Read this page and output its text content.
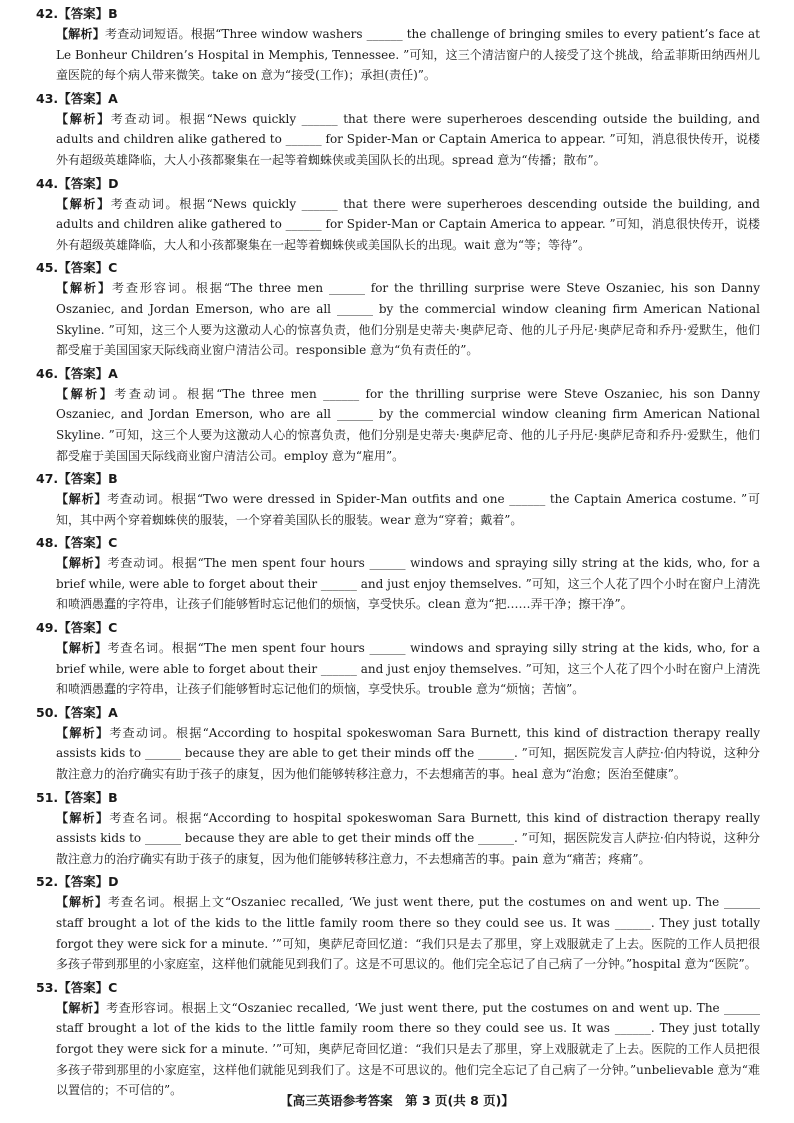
42.【答案】B
【解析】考查动词短语。根据“Three window washers ______ the challenge of bringing smiles to every patient’s face at Le Bonheur Children’s Hospital in Memphis, Tennessee. ”可知，这三个清洁窗户的人接受了这个挑战，给孟菲斯田纳西州儿童医院的每个病人带来微笑。take on 意为“接受(工作)；承担(责任)”。
43.【答案】A
【解析】考查动词。根据“News quickly ______ that there were superheroes descending outside the building, and adults and children alike gathered to ______ for Spider-Man or Captain America to appear. ”可知，消息很快传开，说楼外有超级英雄降临，大人小孩都聚集在一起等着蜘蛛侠或美国队长的出现。spread 意为“传播；散布”。
44.【答案】D
【解析】考查动词。根据“News quickly ______ that there were superheroes descending outside the building, and adults and children alike gathered to ______ for Spider-Man or Captain America to appear. ”可知，消息很快传开，说楼外有超级英雄降临，大人和小孩都聚集在一起等着蜘蛛侠或美国队长的出现。wait 意为“等；等待”。
45.【答案】C
【解析】考查形容词。根据“The three men ______ for the thrilling surprise were Steve Oszaniec, his son Danny Oszaniec, and Jordan Emerson, who are all ______ by the commercial window cleaning firm American National Skyline. ”可知，这三个人要为这激动人心的惊喜负责，他们分别是史蒂夫·奥萨尼奇、他的儿子丹尼·奥萨尼奇和乔丹·爱默生，他们都受雇于美国国家天际线商业窗户清洁公司。responsible 意为“负有责任的”。
46.【答案】A
【解析】考查动词。根据“The three men ______ for the thrilling surprise were Steve Oszaniec, his son Danny Oszaniec, and Jordan Emerson, who are all ______ by the commercial window cleaning firm American National Skyline. ”可知，这三个人要为这激动人心的惊喜负责，他们分别是史蒂夫·奥萨尼奇、他的儿子丹尼·奥萨尼奇和乔丹·爱默生，他们都受雇于美国国天际线商业窗户清洁公司。employ 意为“雇用”。
47.【答案】B
【解析】考查动词。根据“Two were dressed in Spider-Man outfits and one ______ the Captain America costume. ”可知，其中两个穿着蜘蛛侠的服装，一个穿着美国队长的服装。wear 意为“穿着；戴着”。
48.【答案】C
【解析】考查动词。根据“The men spent four hours ______ windows and spraying silly string at the kids, who, for a brief while, were able to forget about their ______ and just enjoy themselves. ”可知，这三个人花了四个小时在窗户上清洗和喷洒愚蠢的字符串，让孩子们能够暂时忘记他们的烦恼，享受快乐。clean 意为“把……弄干净；擦干净”。
49.【答案】C
【解析】考查名词。根据“The men spent four hours ______ windows and spraying silly string at the kids, who, for a brief while, were able to forget about their ______ and just enjoy themselves. ”可知，这三个人花了四个小时在窗户上清洗和喷洒愚蠢的字符串，让孩子们能够暂时忘记他们的烦恼，享受快乐。trouble 意为“烦恼；苦恼”。
50.【答案】A
【解析】考查动词。根据“According to hospital spokeswoman Sara Burnett, this kind of distraction therapy really assists kids to ______ because they are able to get their minds off the ______. ”可知，据医院发言人萨拉·伯内特说，这种分散注意力的治疗确实有助于孩子的康复，因为他们能够转移注意力，不去想痛苦的事。heal 意为“治愈；医治至健康”。
51.【答案】B
【解析】考查名词。根据“According to hospital spokeswoman Sara Burnett, this kind of distraction therapy really assists kids to ______ because they are able to get their minds off the ______. ”可知，据医院发言人萨拉·伯内特说，这种分散注意力的治疗确实有助于孩子的康复，因为他们能够转移注意力，不去想痛苦的事。pain 意为“痛苦；疼痛”。
52.【答案】D
【解析】考查名词。根据上文“Oszaniec recalled, ‘We just went there, put the costumes on and went up. The ______ staff brought a lot of the kids to the little family room there so they could see us. It was ______. They just totally forgot they were sick for a minute. ’”可知，奥萨尼奇回忆道：“我们只是去了那里，穿上戏服就走了上去。医院的工作人员把很多孩子带到那里的小家庭室，这样他们就能见到我们了。这是不可思议的。他们完全忘记了自己病了一分钟。”hospital 意为“医院”。
53.【答案】C
【解析】考查形容词。根据上文“Oszaniec recalled, ‘We just went there, put the costumes on and went up. The ______ staff brought a lot of the kids to the little family room there so they could see us. It was ______. They just totally forgot they were sick for a minute. ’”可知，奥萨尼奇回忆道：“我们只是去了那里，穿上戏服就走了上去。医院的工作人员把很多孩子带到那里的小家庭室，这样他们就能见到我们了。这是不可思议的。他们完全忘记了自己病了一分钟。”unbelievable 意为“难以置信的；不可信的”。
【高三英语参考答案　第 3 页(共 8 页)】
